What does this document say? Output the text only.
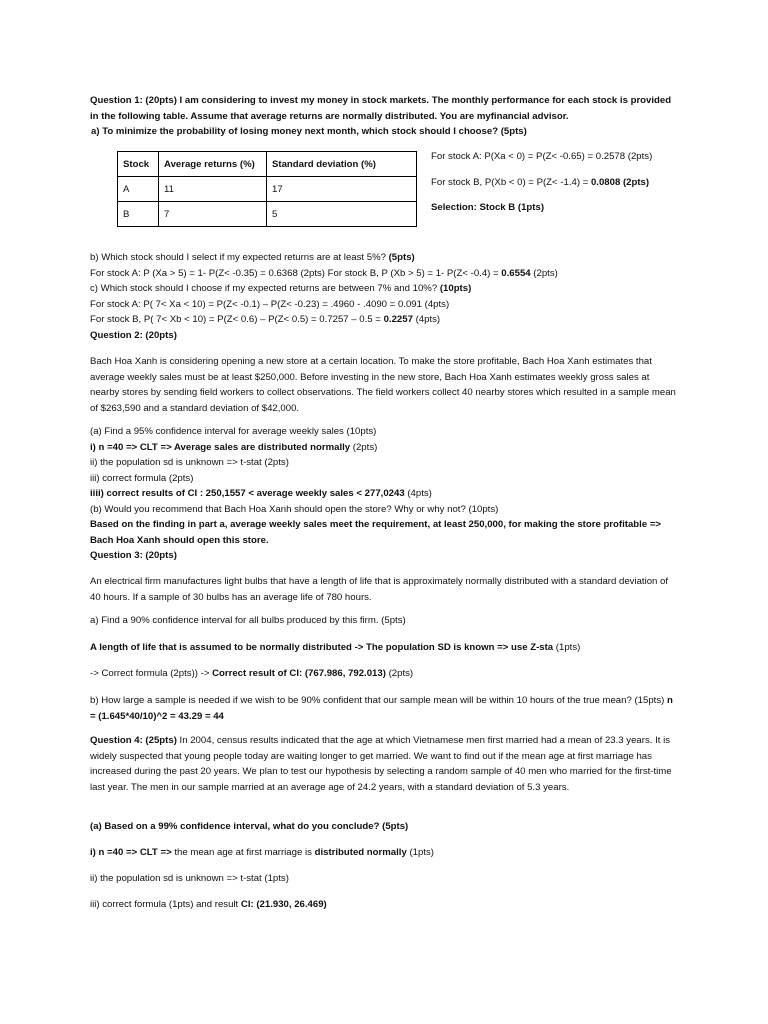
Question 1: (20pts) I am considering to invest my money in stock markets. The monthly performance for each stock is provided in the following table. Assume that average returns are normally distributed. You are myfinancial advisor.

a) To minimize the probability of losing money next month, which stock should I choose? (5pts)
Stock	Average returns (%)	Standard deviation (%)
A	11	17
B	7	5
For stock A: P(Xa < 0) = P(Z< -0.65) = 0.2578 (2pts)
For stock B, P(Xb < 0) = P(Z< -1.4) = 0.0808 (2pts)
Selection: Stock B (1pts)
b) Which stock should I select if my expected returns are at least 5%? (5pts)
For stock A: P (Xa > 5) = 1- P(Z< -0.35) = 0.6368 (2pts) For stock B, P (Xb > 5) = 1- P(Z< -0.4) = 0.6554 (2pts)
c) Which stock should I choose if my expected returns are between 7% and 10%? (10pts)
For stock A: P( 7< Xa < 10) = P(Z< -0.1) – P(Z< -0.23) = .4960 - .4090 = 0.091 (4pts)
For stock B, P( 7< Xb < 10) = P(Z< 0.6) – P(Z< 0.5) = 0.7257 – 0.5 = 0.2257 (4pts)
Question 2: (20pts)
Bach Hoa Xanh is considering opening a new store at a certain location. To make the store profitable, Bach Hoa Xanh estimates that average weekly sales must be at least $250,000. Before investing in the new store, Bach Hoa Xanh estimates weekly gross sales at nearby stores by sending field workers to collect observations. The field workers collect 40 nearby stores which resulted in a sample mean of $263,590 and a standard deviation of $42,000.
(a) Find a 95% confidence interval for average weekly sales (10pts)
i) n =40 => CLT => Average sales are distributed normally (2pts)
ii) the population sd is unknown => t-stat (2pts)
iii) correct formula (2pts)
iiii) correct results of CI : 250,1557 < average weekly sales < 277,0243 (4pts)
(b) Would you recommend that Bach Hoa Xanh should open the store? Why or why not? (10pts)
Based on the finding in part a, average weekly sales meet the requirement, at least 250,000, for making the store profitable => Bach Hoa Xanh should open this store.
Question 3: (20pts)
An electrical firm manufactures light bulbs that have a length of life that is approximately normally distributed with a standard deviation of 40 hours. If a sample of 30 bulbs has an average life of 780 hours.
a) Find a 90% confidence interval for all bulbs produced by this firm. (5pts)
A length of life that is assumed to be normally distributed -> The population SD is known => use Z-sta (1pts)
-> Correct formula (2pts)) -> Correct result of CI: (767.986, 792.013) (2pts)
b) How large a sample is needed if we wish to be 90% confident that our sample mean will be within 10 hours of the true mean? (15pts) n = (1.645*40/10)^2 = 43.29 = 44
Question 4: (25pts) In 2004, census results indicated that the age at which Vietnamese men first married had a mean of 23.3 years. It is widely suspected that young people today are waiting longer to get married. We want to find out if the mean age at first marriage has increased during the past 20 years. We plan to test our hypothesis by selecting a random sample of 40 men who married for the first-time last year. The men in our sample married at an average age of 24.2 years, with a standard deviation of 5.3 years.
(a) Based on a 99% confidence interval, what do you conclude? (5pts)
i) n =40 => CLT => the mean age at first marriage is distributed normally (1pts)
ii) the population sd is unknown => t-stat (1pts)
iii) correct formula (1pts) and result CI: (21.930, 26.469)
